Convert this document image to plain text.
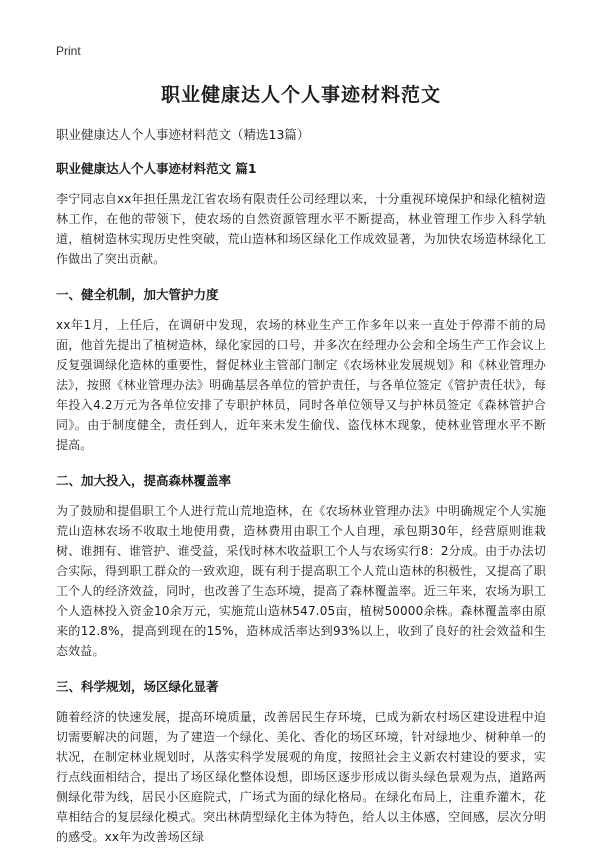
Print
职业健康达人个人事迹材料范文
职业健康达人个人事迹材料范文（精选13篇）
职业健康达人个人事迹材料范文 篇1

李宁同志自xx年担任黑龙江省农场有限责任公司经理以来，十分重视环境保护和绿化植树造林工作，在他的带领下，使农场的自然资源管理水平不断提高，林业管理工作步入科学轨道，植树造林实现历史性突破，荒山造林和场区绿化工作成效显著，为加快农场造林绿化工作做出了突出贡献。

一、健全机制，加大管护力度

xx年1月，上任后，在调研中发现，农场的林业生产工作多年以来一直处于停滞不前的局面，他首先提出了植树造林，绿化家园的口号，并多次在经理办公会和全场生产工作会议上反复强调绿化造林的重要性，督促林业主管部门制定《农场林业发展规划》和《林业管理办法》，按照《林业管理办法》明确基层各单位的管护责任，与各单位签定《管护责任状》，每年投入4.2万元为各单位安排了专职护林员，同时各单位领导又与护林员签定《森林管护合同》。由于制度健全，责任到人，近年来未发生偷伐、盗伐林木现象，使林业管理水平不断提高。

二、加大投入，提高森林覆盖率

为了鼓励和提倡职工个人进行荒山荒地造林，在《农场林业管理办法》中明确规定个人实施荒山造林农场不收取土地使用费，造林费用由职工个人自理，承包期30年，经营原则谁栽树、谁拥有、谁管护、谁受益，采伐时林木收益职工个人与农场实行8：2分成。由于办法切合实际，得到职工群众的一致欢迎，既有利于提高职工个人荒山造林的积极性，又提高了职工个人的经济效益，同时，也改善了生态环境，提高了森林覆盖率。近三年来，农场为职工个人造林投入资金10余万元，实施荒山造林547.05亩，植树50000余株。森林覆盖率由原来的12.8%，提高到现在的15%，造林成活率达到93%以上，收到了良好的社会效益和生态效益。

三、科学规划，场区绿化显著

随着经济的快速发展，提高环境质量，改善居民生存环境，已成为新农村场区建设进程中迫切需要解决的问题，为了建造一个绿化、美化、香化的场区环境，针对绿地少、树种单一的状况，在制定林业规划时，从落实科学发展观的角度，按照社会主义新农村建设的要求，实行点线面相结合，提出了场区绿化整体设想，即场区逐步形成以街头绿色景观为点，道路两侧绿化带为线，居民小区庭院式，广场式为面的绿化格局。在绿化布局上，注重乔灌木，花草相结合的复层绿化模式。突出林荫型绿化主体为特色，给人以主体感，空间感，层次分明的感受。xx年为改善场区绿
